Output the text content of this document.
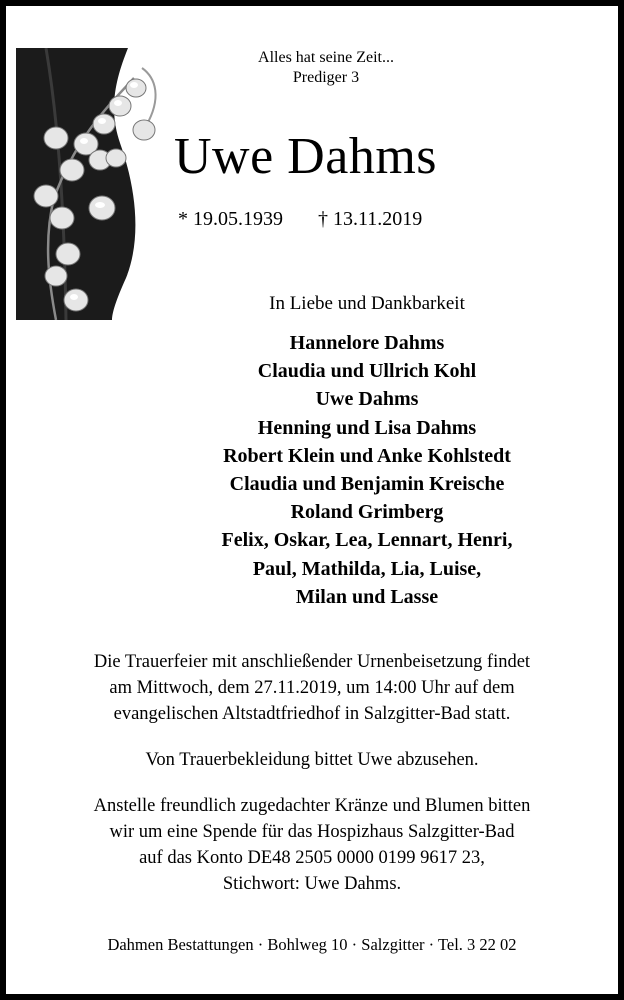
Alles hat seine Zeit...
Prediger 3
Uwe Dahms
* 19.05.1939 † 13.11.2019
In Liebe und Dankbarkeit
Hannelore Dahms
Claudia und Ullrich Kohl
Uwe Dahms
Henning und Lisa Dahms
Robert Klein und Anke Kohlstedt
Claudia und Benjamin Kreische
Roland Grimberg
Felix, Oskar, Lea, Lennart, Henri,
Paul, Mathilda, Lia, Luise,
Milan und Lasse
Die Trauerfeier mit anschließender Urnenbeisetzung findet
am Mittwoch, dem 27.11.2019, um 14:00 Uhr auf dem
evangelischen Altstadtfriedhof in Salzgitter-Bad statt.
Von Trauerbekleidung bittet Uwe abzusehen.
Anstelle freundlich zugedachter Kränze und Blumen bitten
wir um eine Spende für das Hospizhaus Salzgitter-Bad
auf das Konto DE48 2505 0000 0199 9617 23,
Stichwort: Uwe Dahms.
Dahmen Bestattungen · Bohlweg 10 · Salzgitter · Tel. 3 22 02
